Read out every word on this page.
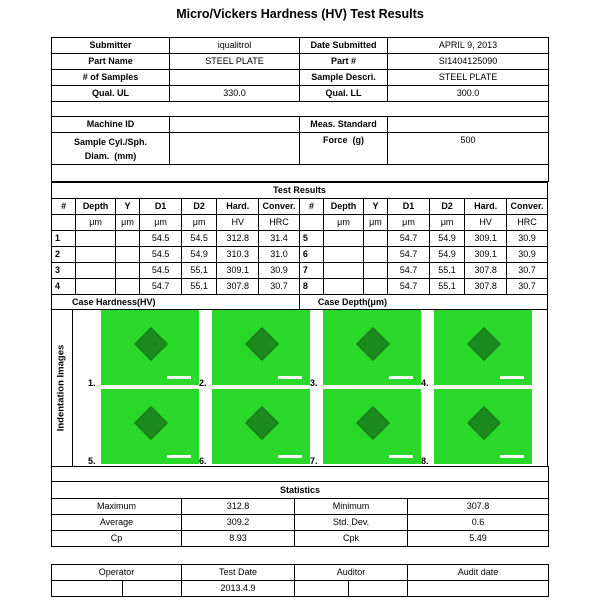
Micro/Vickers Hardness (HV) Test Results
Submitter	iqualitrol	Date Submitted	APRIL 9, 2013
Part Name	STEEL PLATE	Part #	SI1404125090
# of Samples		Sample Descri.	STEEL PLATE
Qual. UL	330.0	Qual. LL	300.0

Machine ID		Meas. Standard	

Sample Cyl./Sph.
Diam.  (mm)		Force  (g)	500

Test Results													
#	Depth	Y	D1	D2	Hard.	Conver.	#	Depth	Y	D1	D2	Hard.	Conver.
	μm	μm	μm	μm	HV	HRC		μm	μm	μm	μm	HV	HRC
1			54.5	54.5	312.8	31.4	5			54.7	54.9	309.1	30.9
2			54.5	54.9	310.3	31.0	6			54.7	54.9	309.1	30.9
3			54.5	55.1	309.1	30.9	7			54.7	55.1	307.8	30.7
4			54.7	55.1	307.8	30.7	8			54.7	55.1	307.8	30.7
Case Hardness(HV)							Case Depth(μm)						
Indentation Images 1.	2.	3.	4.
5.	6.	7.	8.

Statistics			
Maximum	312.8	Minimum	307.8
Average	309.2	Std. Dev.	0.6
Cp	8.93	Cpk	5.49
Operator		Test Date	Auditor		Audit date
		2013.4.9			
